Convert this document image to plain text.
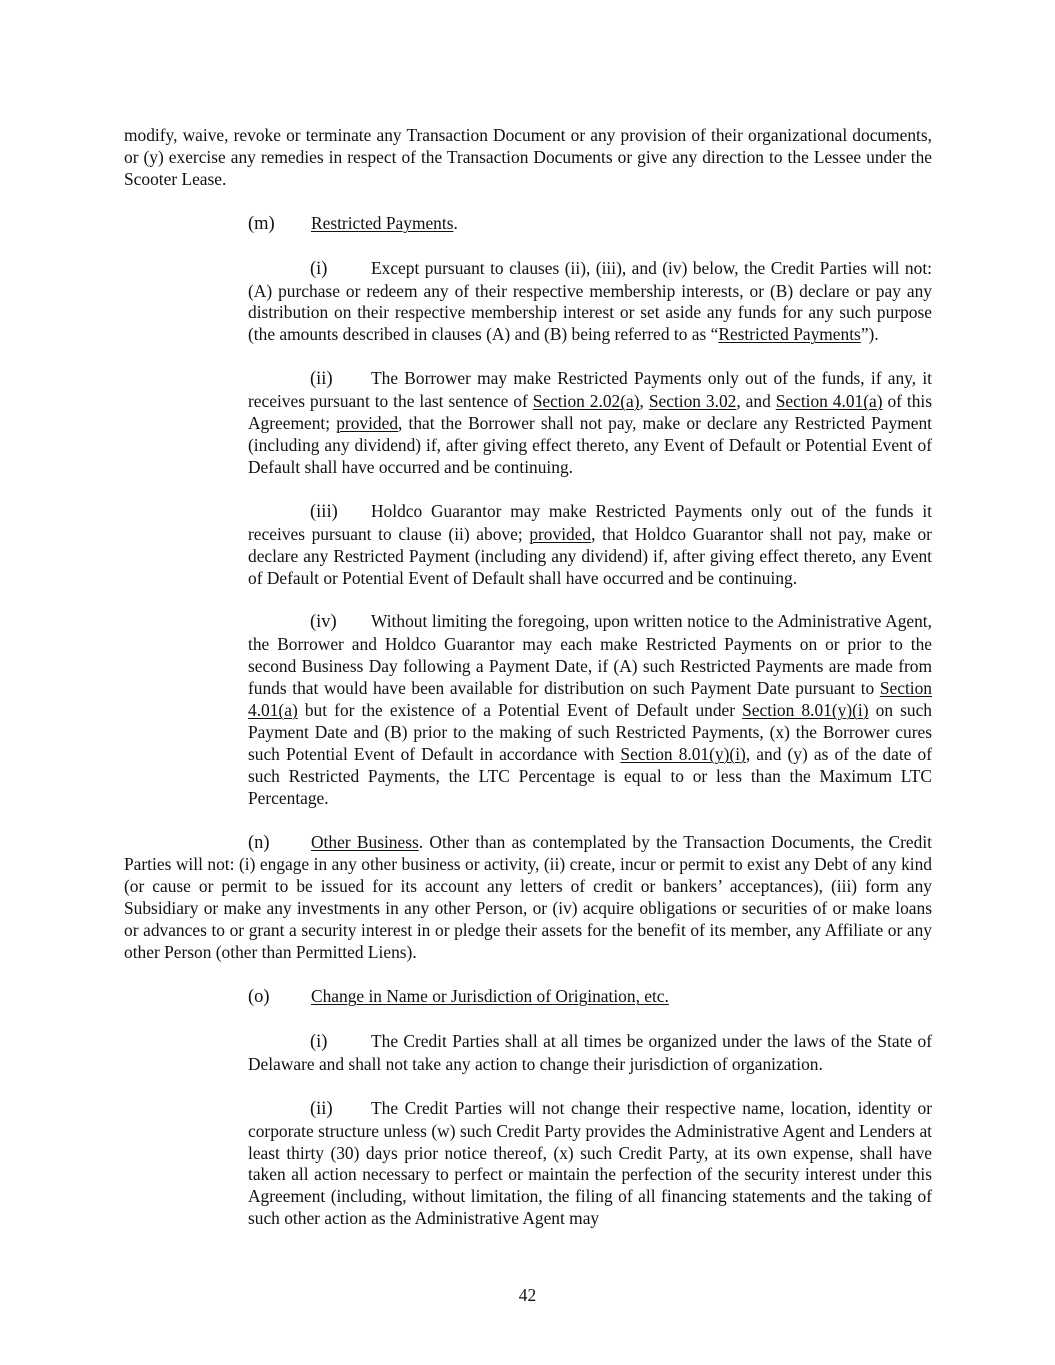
modify, waive, revoke or terminate any Transaction Document or any provision of their organizational documents, or (y) exercise any remedies in respect of the Transaction Documents or give any direction to the Lessee under the Scooter Lease.

(m) Restricted Payments.

(i)	Except pursuant to clauses (ii), (iii), and (iv) below, the Credit Parties will not: (A) purchase or redeem any of their respective membership interests, or (B) declare or pay any distribution on their respective membership interest or set aside any funds for any such purpose (the amounts described in clauses (A) and (B) being referred to as “Restricted Payments”).

(ii) The Borrower may make Restricted Payments only out of the funds, if any, it receives pursuant to the last sentence of Section 2.02(a), Section 3.02, and Section 4.01(a) of this Agreement; provided, that the Borrower shall not pay, make or declare any Restricted Payment (including any dividend) if, after giving effect thereto, any Event of Default or Potential Event of Default shall have occurred and be continuing.

(iii) Holdco Guarantor may make Restricted Payments only out of the funds it receives pursuant to clause (ii) above; provided, that Holdco Guarantor shall not pay, make or declare any Restricted Payment (including any dividend) if, after giving effect thereto, any Event of Default or Potential Event of Default shall have occurred and be continuing.

(iv) Without limiting the foregoing, upon written notice to the Administrative Agent, the Borrower and Holdco Guarantor may each make Restricted Payments on or prior to the second Business Day following a Payment Date, if (A) such Restricted Payments are made from funds that would have been available for distribution on such Payment Date pursuant to Section 4.01(a) but for the existence of a Potential Event of Default under Section 8.01(y)(i) on such Payment Date and (B) prior to the making of such Restricted Payments, (x) the Borrower cures such Potential Event of Default in accordance with Section 8.01(y)(i), and (y) as of the date of such Restricted Payments, the LTC Percentage is equal to or less than the Maximum LTC Percentage.

(n) Other Business. Other than as contemplated by the Transaction Documents, the Credit Parties will not: (i) engage in any other business or activity, (ii) create, incur or permit to exist any Debt of any kind (or cause or permit to be issued for its account any letters of credit or bankers’ acceptances), (iii) form any Subsidiary or make any investments in any other Person, or (iv) acquire obligations or securities of or make loans or advances to or grant a security interest in or pledge their assets for the benefit of its member, any Affiliate or any other Person (other than Permitted Liens).

(o) Change in Name or Jurisdiction of Origination, etc.

(i)	The Credit Parties shall at all times be organized under the laws of the State of Delaware and shall not take any action to change their jurisdiction of organization.

(ii) The Credit Parties will not change their respective name, location, identity or corporate structure unless (w) such Credit Party provides the Administrative Agent and Lenders at least thirty (30) days prior notice thereof, (x) such Credit Party, at its own expense, shall have taken all action necessary to perfect or maintain the perfection of the security interest under this Agreement (including, without limitation, the filing of all financing statements and the taking of such other action as the Administrative Agent may

42
